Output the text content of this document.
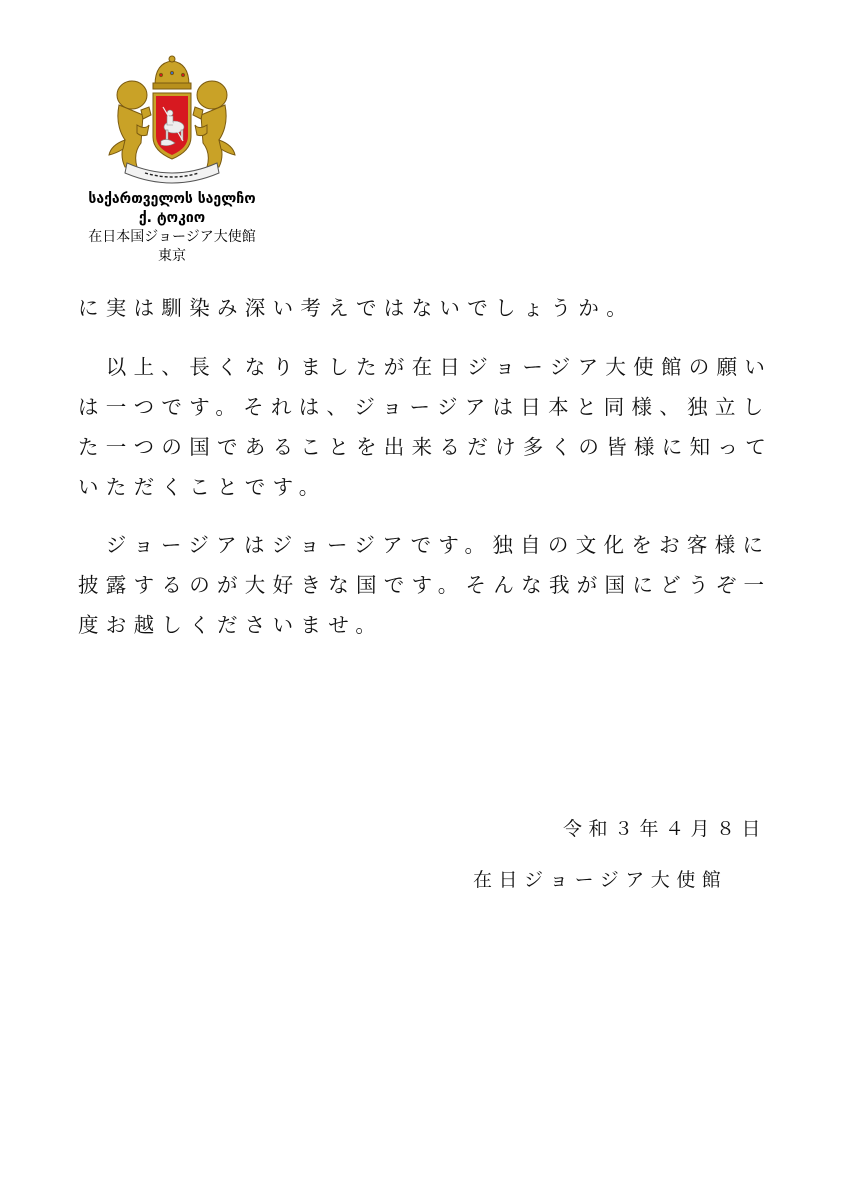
საქართველოს საელჩო
ქ. ტოკიო
在日本国ジョージア大使館
東京

に実は馴染み深い考えではないでしょうか。

　以上、長くなりましたが在日ジョージア大使館の願いは一つです。それは、ジョージアは日本と同様、独立した一つの国であることを出来るだけ多くの皆様に知っていただくことです。

　ジョージアはジョージアです。独自の文化をお客様に披露するのが大好きな国です。そんな我が国にどうぞ一度お越しくださいませ。

令和３年４月８日
在日ジョージア大使館
